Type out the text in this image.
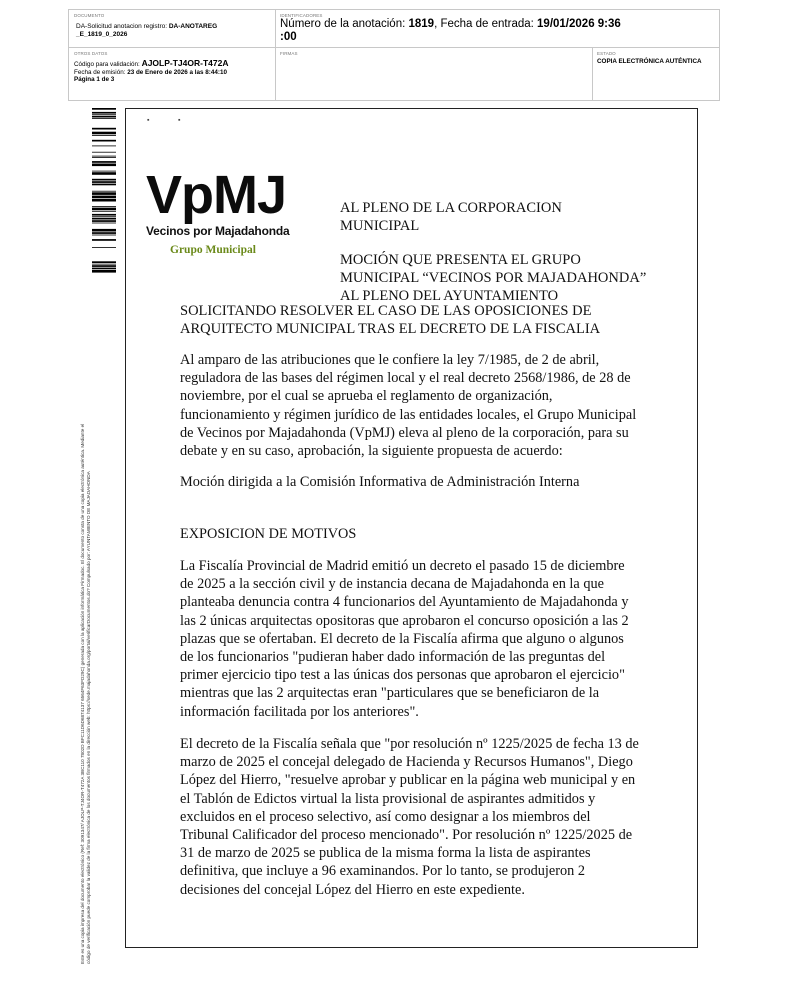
DOCUMENTO
DA-Solicitud anotacion registro: DA-ANOTAREG
_E_1819_0_2026
IDENTIFICADORES
Número de la anotación: 1819, Fecha de entrada: 19/01/2026 9:36
:00
OTROS DATOS
Código para validación: AJOLP-TJ4OR-T472A
Fecha de emisión: 23 de Enero de 2026 a las 8:44:10
Página 1 de 3
FIRMAS	ESTADO
COPIA ELECTRÓNICA AUTÉNTICA
Este es una copia impresa del documento electrónico (Ref: 3091347/ AJOLP-TJ4OR-T472A 3BC110 7802D BFC11D6D6874137 6564F63FD29C) generada con la aplicación informática Firmadoc. El documento consta de una copia electrónica auténtica. Mediante el código de verificación puede comprobar la validez de la firma electrónica de los documentos firmados en la dirección web: https://sede.majadahonda.org/portal/verificarDocumentos.do? Compulsado por: AYUNTAMIENTO DE MAJADAHONDA
▪	▪
VpMJ
Vecinos por Majadahonda
Grupo Municipal
AL PLENO DE LA CORPORACION
MUNICIPAL
MOCIÓN QUE PRESENTA EL GRUPO
MUNICIPAL “VECINOS POR MAJADAHONDA”
AL PLENO DEL AYUNTAMIENTO
SOLICITANDO RESOLVER EL CASO DE LAS OPOSICIONES DE
ARQUITECTO MUNICIPAL TRAS EL DECRETO DE LA FISCALIA
Al amparo de las atribuciones que le confiere la ley 7/1985, de 2 de abril,
reguladora de las bases del régimen local y el real decreto 2568/1986, de 28 de
noviembre, por el cual se aprueba el reglamento de organización,
funcionamiento y régimen jurídico de las entidades locales, el Grupo Municipal
de Vecinos por Majadahonda (VpMJ) eleva al pleno de la corporación, para su
debate y en su caso, aprobación, la siguiente propuesta de acuerdo:
Moción dirigida a la Comisión Informativa de Administración Interna
EXPOSICION DE MOTIVOS
La Fiscalía Provincial de Madrid emitió un decreto el pasado 15 de diciembre
de 2025 a la sección civil y de instancia decana de Majadahonda en la que
planteaba denuncia contra 4 funcionarios del Ayuntamiento de Majadahonda y
las 2 únicas arquitectas opositoras que aprobaron el concurso oposición a las 2
plazas que se ofertaban. El decreto de la Fiscalía afirma que alguno o algunos
de los funcionarios "pudieran haber dado información de las preguntas del
primer ejercicio tipo test a las únicas dos personas que aprobaron el ejercicio"
mientras que las 2 arquitectas eran "particulares que se beneficiaron de la
información facilitada por los anteriores".
El decreto de la Fiscalía señala que "por resolución nº 1225/2025 de fecha 13 de
marzo de 2025 el concejal delegado de Hacienda y Recursos Humanos", Diego
López del Hierro, "resuelve aprobar y publicar en la página web municipal y en
el Tablón de Edictos virtual la lista provisional de aspirantes admitidos y
excluidos en el proceso selectivo, así como designar a los miembros del
Tribunal Calificador del proceso mencionado". Por resolución nº 1225/2025 de
31 de marzo de 2025 se publica de la misma forma la lista de aspirantes
definitiva, que incluye a 96 examinandos. Por lo tanto, se produjeron 2
decisiones del concejal López del Hierro en este expediente.
